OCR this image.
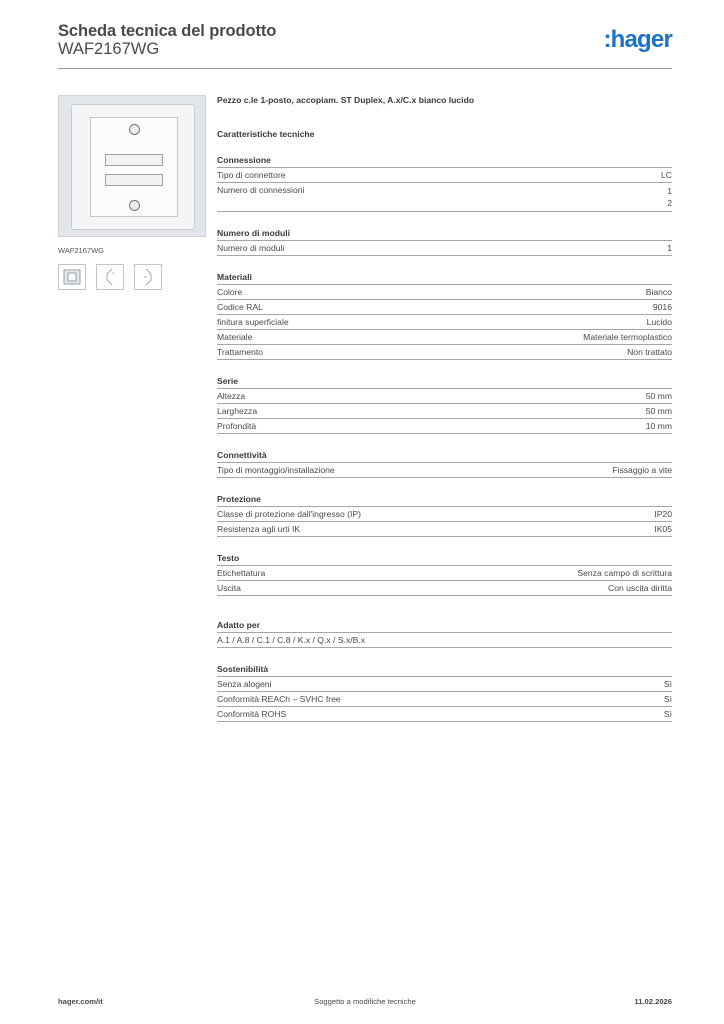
Scheda tecnica del prodotto
WAF2167WG	:hager
WAF2167WG
Pezzo c.le 1-posto, accopiam. ST Duplex, A.x/C.x bianco lucido
Caratteristiche tecniche
Connessione
Tipo di connettore	LC
Numero di connessioni	1
2
Numero di moduli
Numero di moduli	1
Materiali
Colore	Bianco
Codice RAL	9016
finitura superficiale	Lucido
Materiale	Materiale termoplastico
Trattamento	Non trattato
Serie
Altezza	50 mm
Larghezza	50 mm
Profondità	10 mm
Connettività
Tipo di montaggio/installazione	Fissaggio a vite
Protezione
Classe di protezione dall'ingresso (IP)	IP20
Resistenza agli urti IK	IK05
Testo
Etichettatura	Senza campo di scrittura
Uscita	Con uscita diritta
Adatto per
A.1 / A.8 / C.1 / C.8 / K.x / Q.x / S.x/B.x
Sostenibilità
Senza alogeni	Sì
Conformità REACh – SVHC free	Sì
Conformità ROHS	Sì
hager.com/it	Soggetto a modifiche tecniche	11.02.2026
